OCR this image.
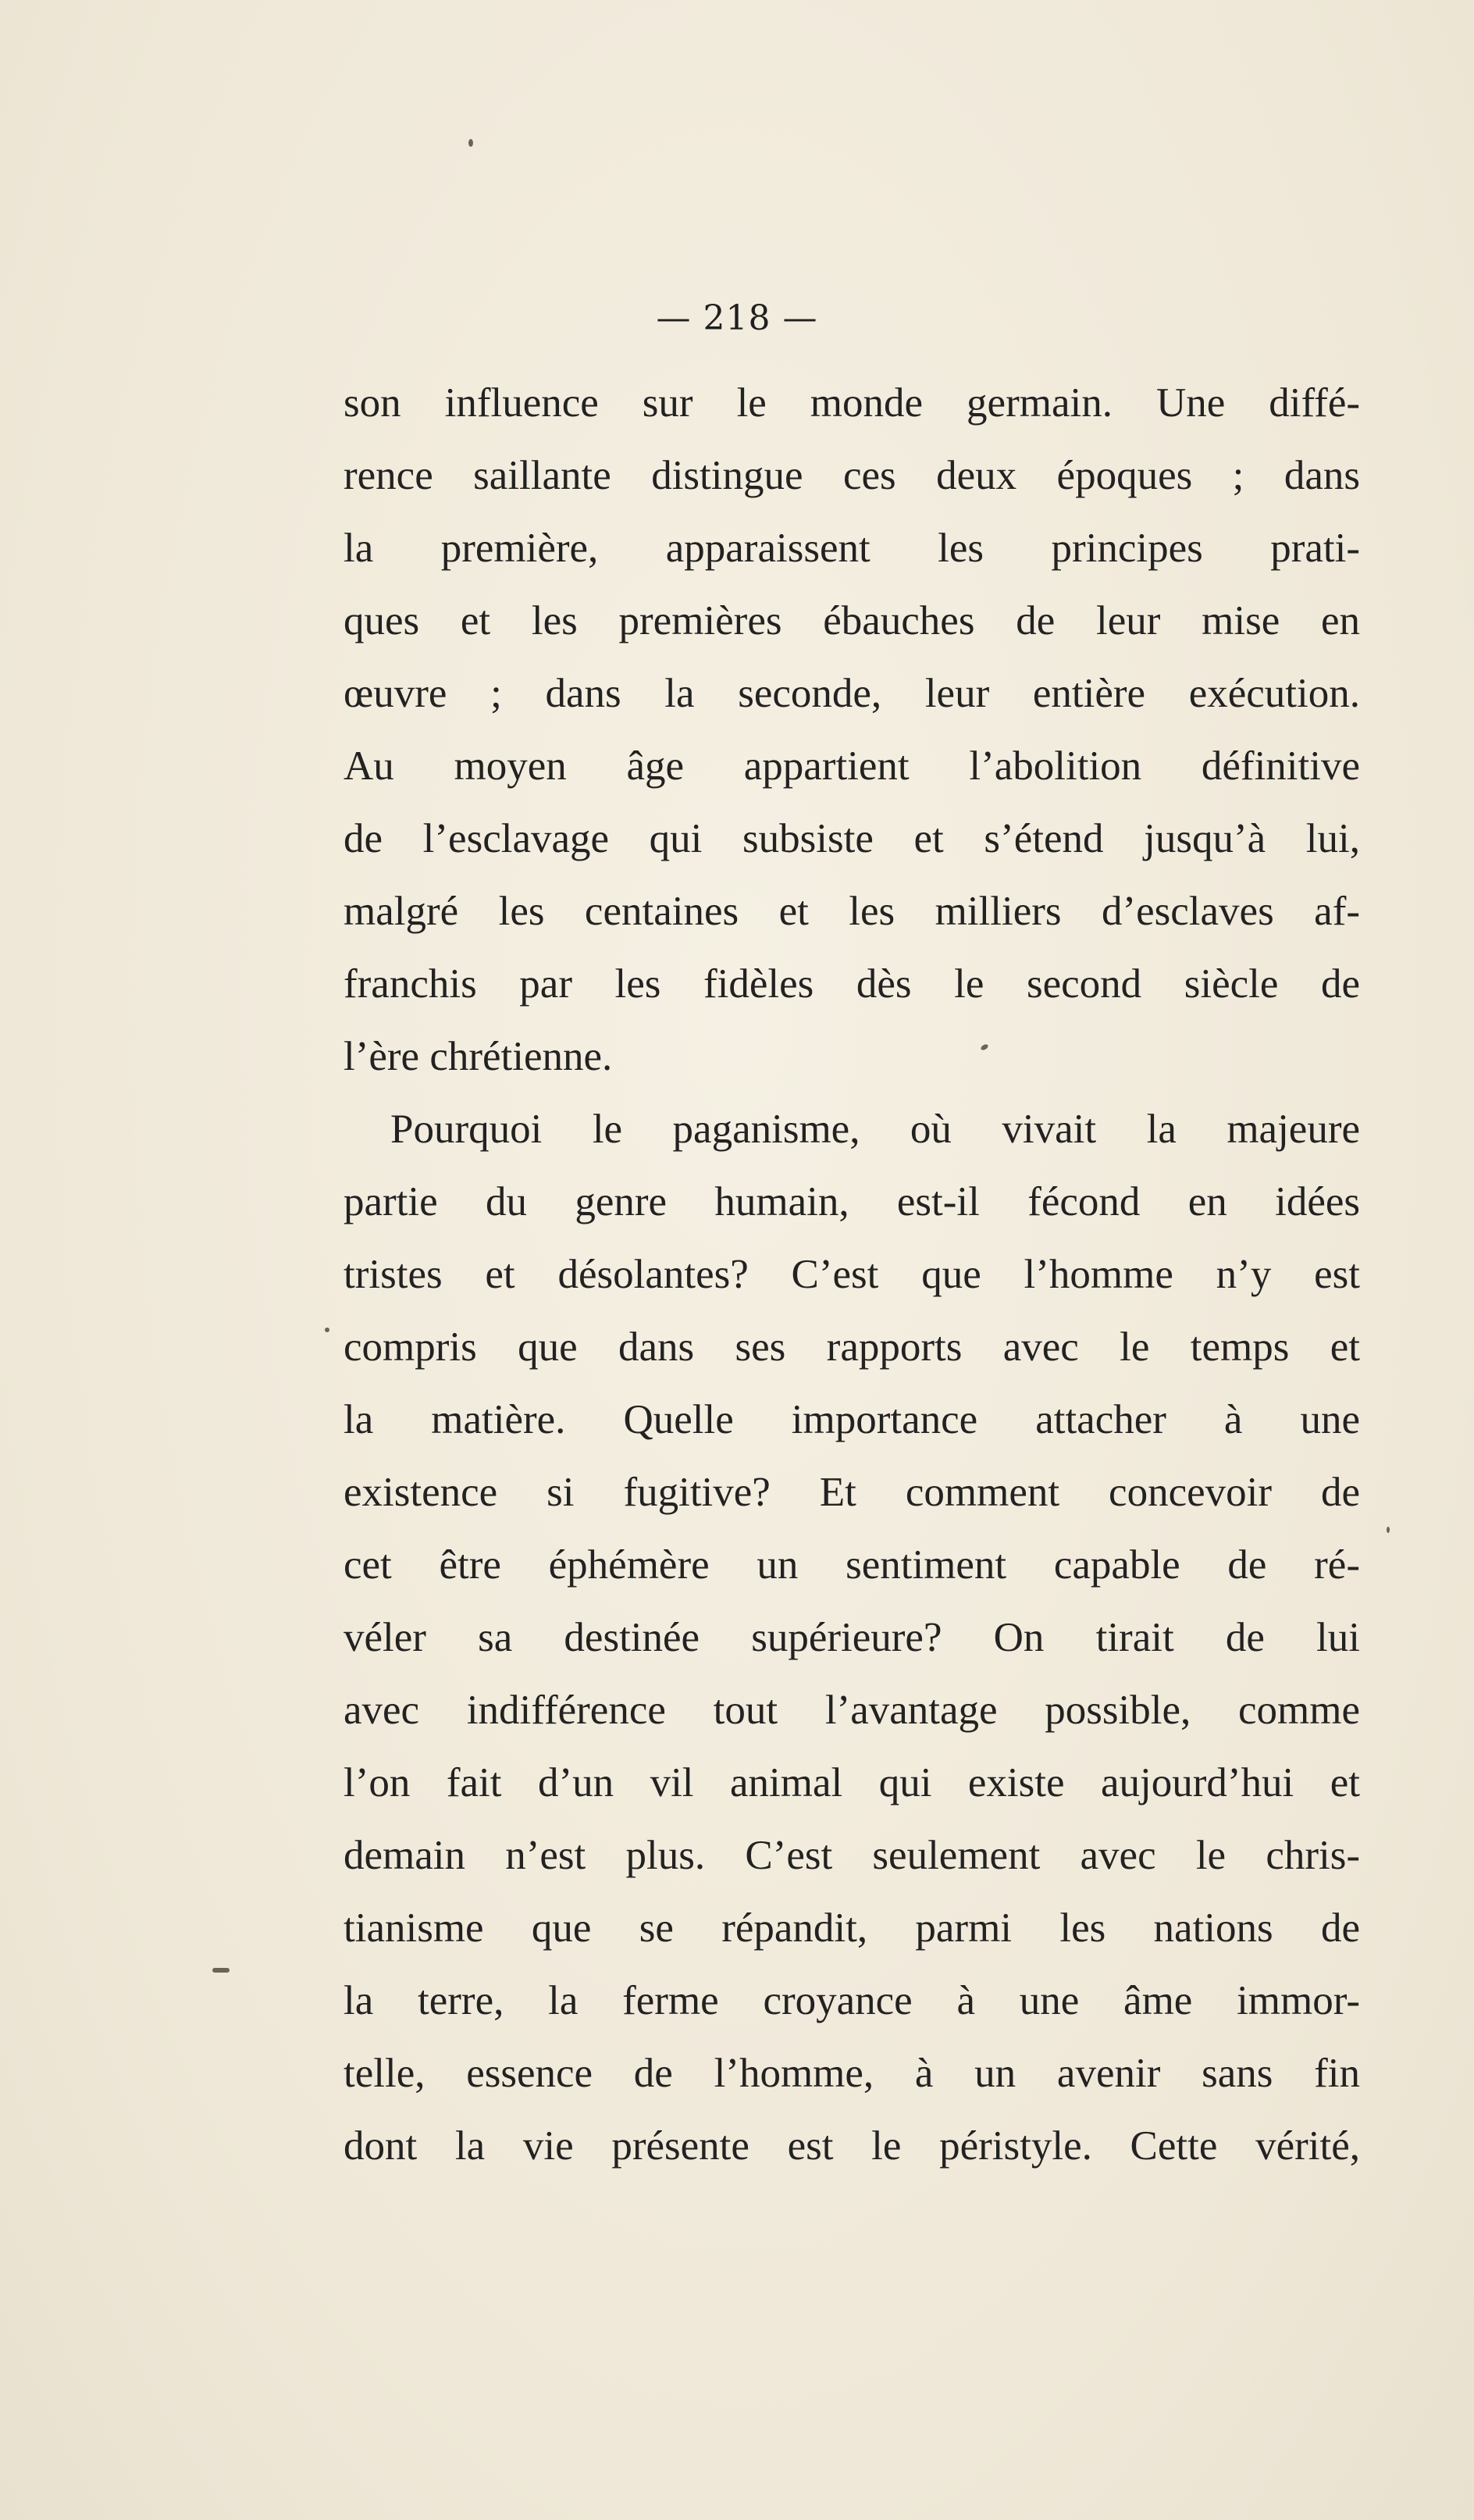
— 218 —
son influence sur le monde germain. Une diffé-
rence saillante distingue ces deux époques ; dans
la première, apparaissent les principes prati-
ques et les premières ébauches de leur mise en
œuvre ; dans la seconde, leur entière exécution.
Au moyen âge appartient l’abolition définitive
de l’esclavage qui subsiste et s’étend jusqu’à lui,
malgré les centaines et les milliers d’esclaves af-
franchis par les fidèles dès le second siècle de
l’ère chrétienne.
Pourquoi le paganisme, où vivait la majeure
partie du genre humain, est-il fécond en idées
tristes et désolantes? C’est que l’homme n’y est
compris que dans ses rapports avec le temps et
la matière. Quelle importance attacher à une
existence si fugitive? Et comment concevoir de
cet être éphémère un sentiment capable de ré-
véler sa destinée supérieure? On tirait de lui
avec indifférence tout l’avantage possible, comme
l’on fait d’un vil animal qui existe aujourd’hui et
demain n’est plus. C’est seulement avec le chris-
tianisme que se répandit, parmi les nations de
la terre, la ferme croyance à une âme immor-
telle, essence de l’homme, à un avenir sans fin
dont la vie présente est le péristyle. Cette vérité,
